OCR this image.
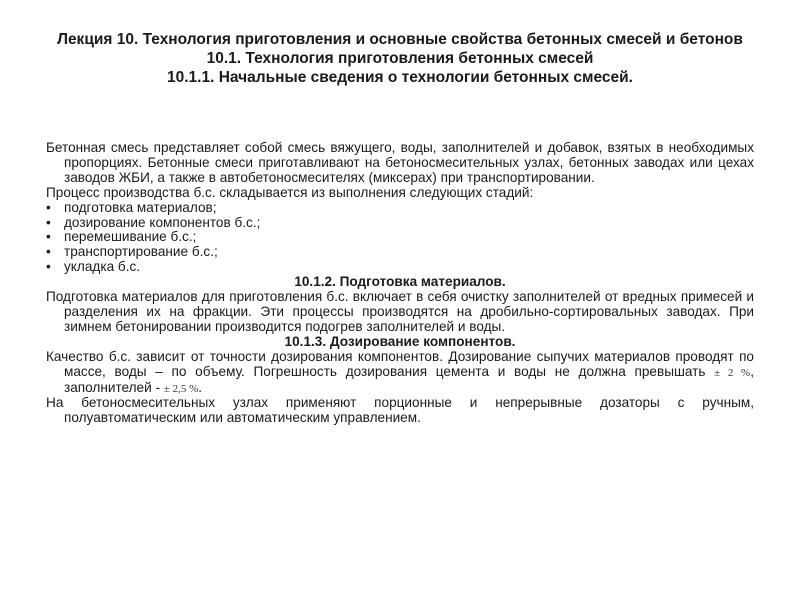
Лекция 10. Технология приготовления и основные свойства бетонных смесей и бетонов
10.1. Технология приготовления бетонных смесей
10.1.1. Начальные сведения о технологии бетонных смесей.

Бетонная смесь представляет собой смесь вяжущего, воды, заполнителей и добавок, взятых в необходимых пропорциях. Бетонные смеси приготавливают на бетоносмесительных узлах, бетонных заводах или цехах заводов ЖБИ, а также в автобетоносмесителях (миксерах) при транспортировании.

Процесс производства б.с. складывается из выполнения следующих стадий:

• подготовка материалов;
• дозирование компонентов б.с.;
• перемешивание б.с.;
• транспортирование б.с.;
• укладка б.с.

10.1.2. Подготовка материалов.

Подготовка материалов для приготовления б.с. включает в себя очистку заполнителей от вредных примесей и разделения их на фракции. Эти процессы производятся на дробильно-сортировальных заводах. При зимнем бетонировании производится подогрев заполнителей и воды.

10.1.3. Дозирование компонентов.

Качество б.с. зависит от точности дозирования компонентов. Дозирование сыпучих материалов проводят по массе, воды – по объему. Погрешность дозирования цемента и воды не должна превышать ± 2 %, заполнителей - ± 2,5 %.

На бетоносмесительных узлах применяют порционные и непрерывные дозаторы с ручным, полуавтоматическим или автоматическим управлением.
